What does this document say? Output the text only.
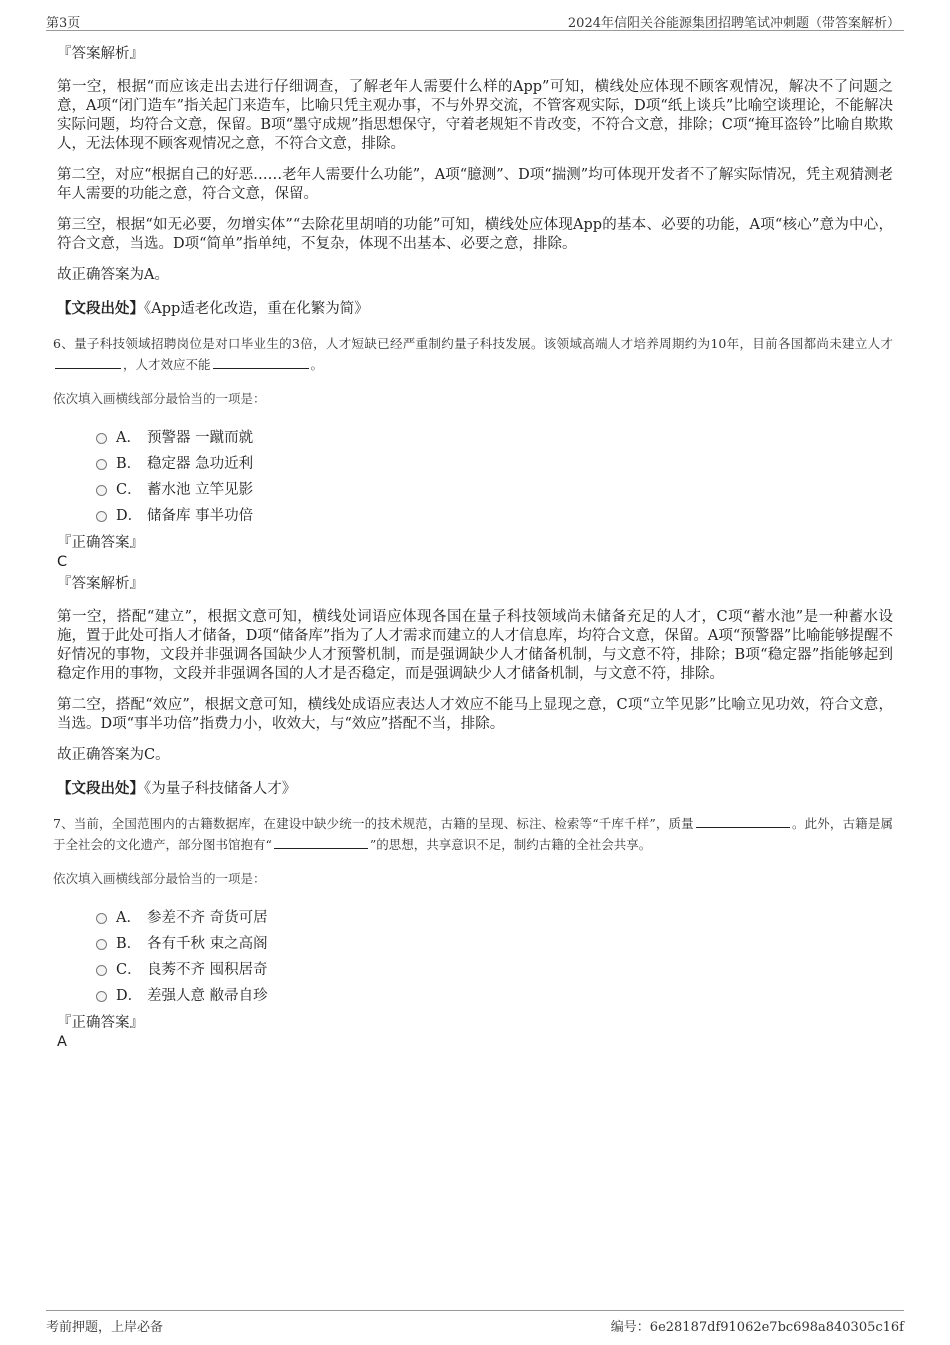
第3页	2024年信阳关谷能源集团招聘笔试冲刺题（带答案解析）

『答案解析』

第一空，根据“而应该走出去进行仔细调查，了解老年人需要什么样的App”可知，横线处应体现不顾客观情况，解决不了问题之意，A项“闭门造车”指关起门来造车，比喻只凭主观办事，不与外界交流，不管客观实际，D项“纸上谈兵”比喻空谈理论，不能解决实际问题，均符合文意，保留。B项“墨守成规”指思想保守，守着老规矩不肯改变，不符合文意，排除；C项“掩耳盗铃”比喻自欺欺人，无法体现不顾客观情况之意，不符合文意，排除。

第二空，对应“根据自己的好恶……老年人需要什么功能”，A项“臆测”、D项“揣测”均可体现开发者不了解实际情况，凭主观猜测老年人需要的功能之意，符合文意，保留。

第三空，根据“如无必要，勿增实体”“去除花里胡哨的功能”可知，横线处应体现App的基本、必要的功能，A项“核心”意为中心，符合文意，当选。D项“简单”指单纯，不复杂，体现不出基本、必要之意，排除。

故正确答案为A。

【文段出处】《App适老化改造，重在化繁为简》

6、量子科技领域招聘岗位是对口毕业生的3倍，人才短缺已经严重制约量子科技发展。该领域高端人才培养周期约为10年，目前各国都尚未建立人才，人才效应不能	。

依次填入画横线部分最恰当的一项是：

A． 预警器 一蹴而就
B． 稳定器 急功近利
C． 蓄水池 立竿见影
D． 储备库 事半功倍

『正确答案』

C

『答案解析』

第一空，搭配“建立”，根据文意可知，横线处词语应体现各国在量子科技领域尚未储备充足的人才，C项“蓄水池”是一种蓄水设施，置于此处可指人才储备，D项“储备库”指为了人才需求而建立的人才信息库，均符合文意，保留。A项“预警器”比喻能够提醒不好情况的事物，文段并非强调各国缺少人才预警机制，而是强调缺少人才储备机制，与文意不符，排除；B项“稳定器”指能够起到稳定作用的事物，文段并非强调各国的人才是否稳定，而是强调缺少人才储备机制，与文意不符，排除。

第二空，搭配“效应”，根据文意可知，横线处成语应表达人才效应不能马上显现之意，C项“立竿见影”比喻立见功效，符合文意，当选。D项“事半功倍”指费力小，收效大，与“效应”搭配不当，排除。

故正确答案为C。

【文段出处】《为量子科技储备人才》

7、当前，全国范围内的古籍数据库，在建设中缺少统一的技术规范，古籍的呈现、标注、检索等“千库千样”，质量	。此外，古籍是属于全社会的文化遗产，部分图书馆抱有“	”的思想，共享意识不足，制约古籍的全社会共享。

依次填入画横线部分最恰当的一项是：

A． 参差不齐 奇货可居
B． 各有千秋 束之高阁
C． 良莠不齐 囤积居奇
D． 差强人意 敝帚自珍

『正确答案』

A

考前押题，上岸必备	编号：6e28187df91062e7bc698a840305c16f
